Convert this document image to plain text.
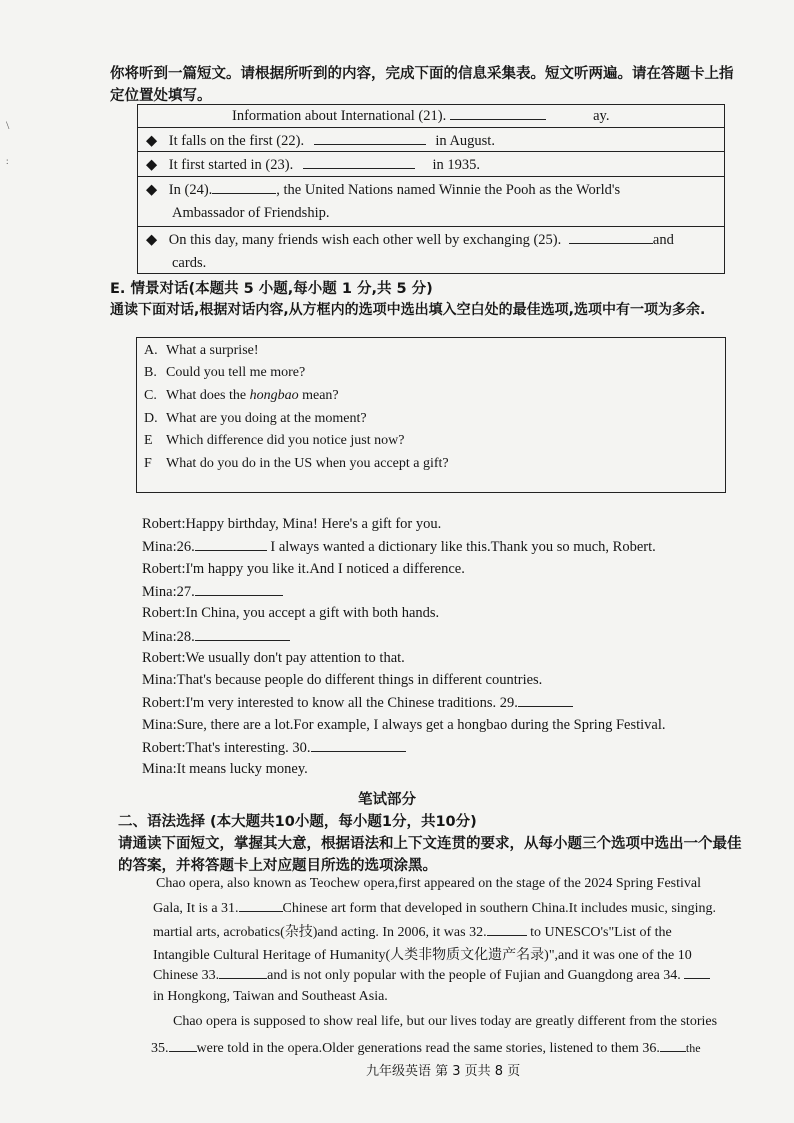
你将听到一篇短文。请根据所听到的内容，完成下面的信息采集表。短文听两遍。请在答题卡上指
定位置处填写。
Information about International (21).	ay.
◆ It falls on the first (22).	in August.
◆ It first started in (23).	in 1935.
◆ In (24).	, the United Nations named Winnie the Pooh as the World's
Ambassador of Friendship.
◆ On this day, many friends wish each other well by exchanging (25).	and
cards.
E. 情景对话(本题共 5 小题,每小题 1 分,共 5 分)
通读下面对话,根据对话内容,从方框内的选项中选出填入空白处的最佳选项,选项中有一项为多余.
A. What a surprise!
B. Could you tell me more?
C. What does the hongbao mean?
D. What are you doing at the moment?
E Which difference did you notice just now?
F What do you do in the US when you accept a gift?
Robert:Happy birthday, Mina! Here's a gift for you.
Mina:26.	I always wanted a dictionary like this.Thank you so much, Robert.
Robert:I'm happy you like it.And I noticed a difference.
Mina:27.
Robert:In China, you accept a gift with both hands.
Mina:28.
Robert:We usually don't pay attention to that.
Mina:That's because people do different things in different countries.
Robert:I'm very interested to know all the Chinese traditions. 29.
Mina:Sure, there are a lot.For example, I always get a hongbao during the Spring Festival.
Robert:That's interesting. 30.
Mina:It means lucky money.
笔试部分
二、语法选择 (本大题共10小题，每小题1分，共10分)
请通读下面短文，掌握其大意，根据语法和上下文连贯的要求，从每小题三个选项中选出一个最佳
的答案，并将答题卡上对应题目所选的选项涂黑。
Chao opera, also known as Teochew opera,first appeared on the stage of the 2024 Spring Festival
Gala, It is a 31.	Chinese art form that developed in southern China.It includes music, singing.
martial arts, acrobatics(杂技)and acting. In 2006, it was 32.	to UNESCO's"List of the
Intangible Cultural Heritage of Humanity(人类非物质文化遗产名录)",and it was one of the 10
Chinese 33.	and is not only popular with the people of Fujian and Guangdong area 34.
in Hongkong, Taiwan and Southeast Asia.
Chao opera is supposed to show real life, but our lives today are greatly different from the stories
35. were told in the opera.Older generations read the same stories, listened to them 36. the
九年级英语 第 3 页共 8 页
\
:
